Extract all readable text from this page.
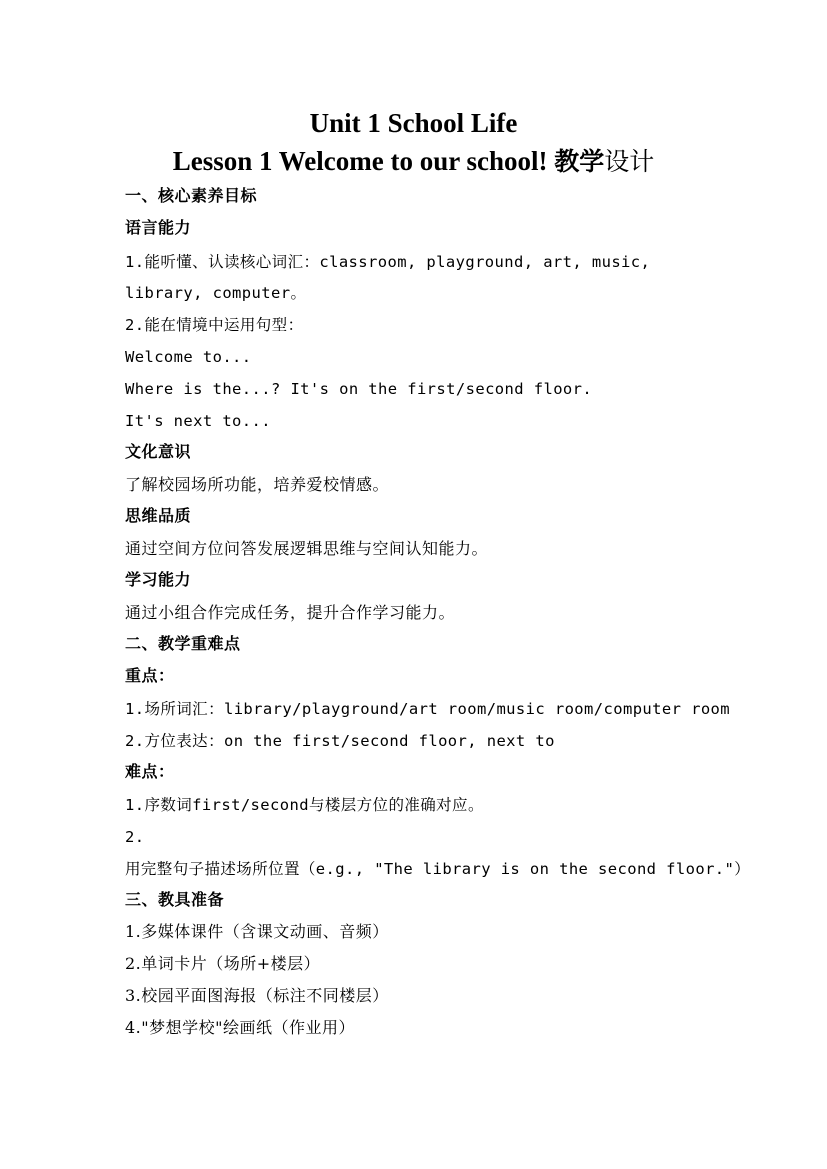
Unit 1 School Life
Lesson 1 Welcome to our school! 教学设计
一、核心素养目标
语言能力
1.能听懂、认读核心词汇：classroom, playground, art, music,
library, computer。
2.能在情境中运用句型：
Welcome to...
Where is the...? It's on the first/second floor.
It's next to...
文化意识
了解校园场所功能，培养爱校情感。
思维品质
通过空间方位问答发展逻辑思维与空间认知能力。
学习能力
通过小组合作完成任务，提升合作学习能力。
二、教学重难点
重点：
1.场所词汇：library/playground/art room/music room/computer room
2.方位表达：on the first/second floor, next to
难点：
1.序数词first/second与楼层方位的准确对应。
2.
用完整句子描述场所位置（e.g., "The library is on the second floor."）
三、教具准备
1.多媒体课件（含课文动画、音频）
2.单词卡片（场所+楼层）
3.校园平面图海报（标注不同楼层）
4."梦想学校"绘画纸（作业用）
